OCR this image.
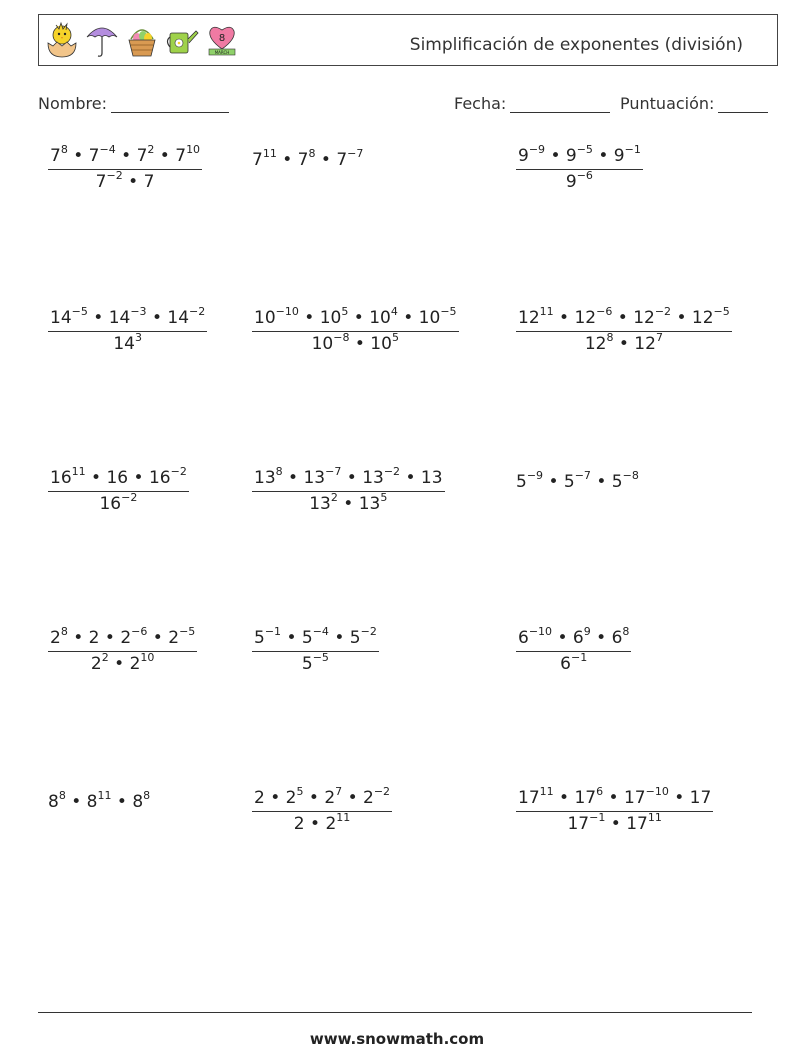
8
MARCH	Simplificación de exponentes (división)
Nombre:	Fecha:	Puntuación:
$\frac{7^8 • 7^{-4} • 7^2 • 7^{10}}{7^{-2} • 7}$	$7^{11}$ • $7^8$ • $7^{-7}$	$\frac{9^{-9} • 9^{-5} • 9^{-1}}{9^{-6}}$
$\frac{14^{-5} • 14^{-3} • 14^{-2}}{14^3}$	$\frac{10^{-10} • 10^5 • 10^4 • 10^{-5}}{10^{-8} • 10^5}$	$\frac{12^{11} • 12^{-6} • 12^{-2} • 12^{-5}}{12^8 • 12^7}$
$\frac{16^{11} • 16 • 16^{-2}}{16^{-2}}$	$\frac{13^8 • 13^{-7} • 13^{-2} • 13}{13^2 • 13^5}$	$5^{-9}$ • $5^{-7}$ • $5^{-8}$
$\frac{2^8 • 2 • 2^{-6} • 2^{-5}}{2^2 • 2^{10}}$	$\frac{5^{-1} • 5^{-4} • 5^{-2}}{5^{-5}}$	$\frac{6^{-10} • 6^9 • 6^8}{6^{-1}}$
$8^8$ • $8^{11}$ • $8^8$	$\frac{2 • 2^5 • 2^7 • 2^{-2}}{2 • 2^{11}}$	$\frac{17^{11} • 17^6 • 17^{-10} • 17}{17^{-1} • 17^{11}}$
www.snowmath.com
